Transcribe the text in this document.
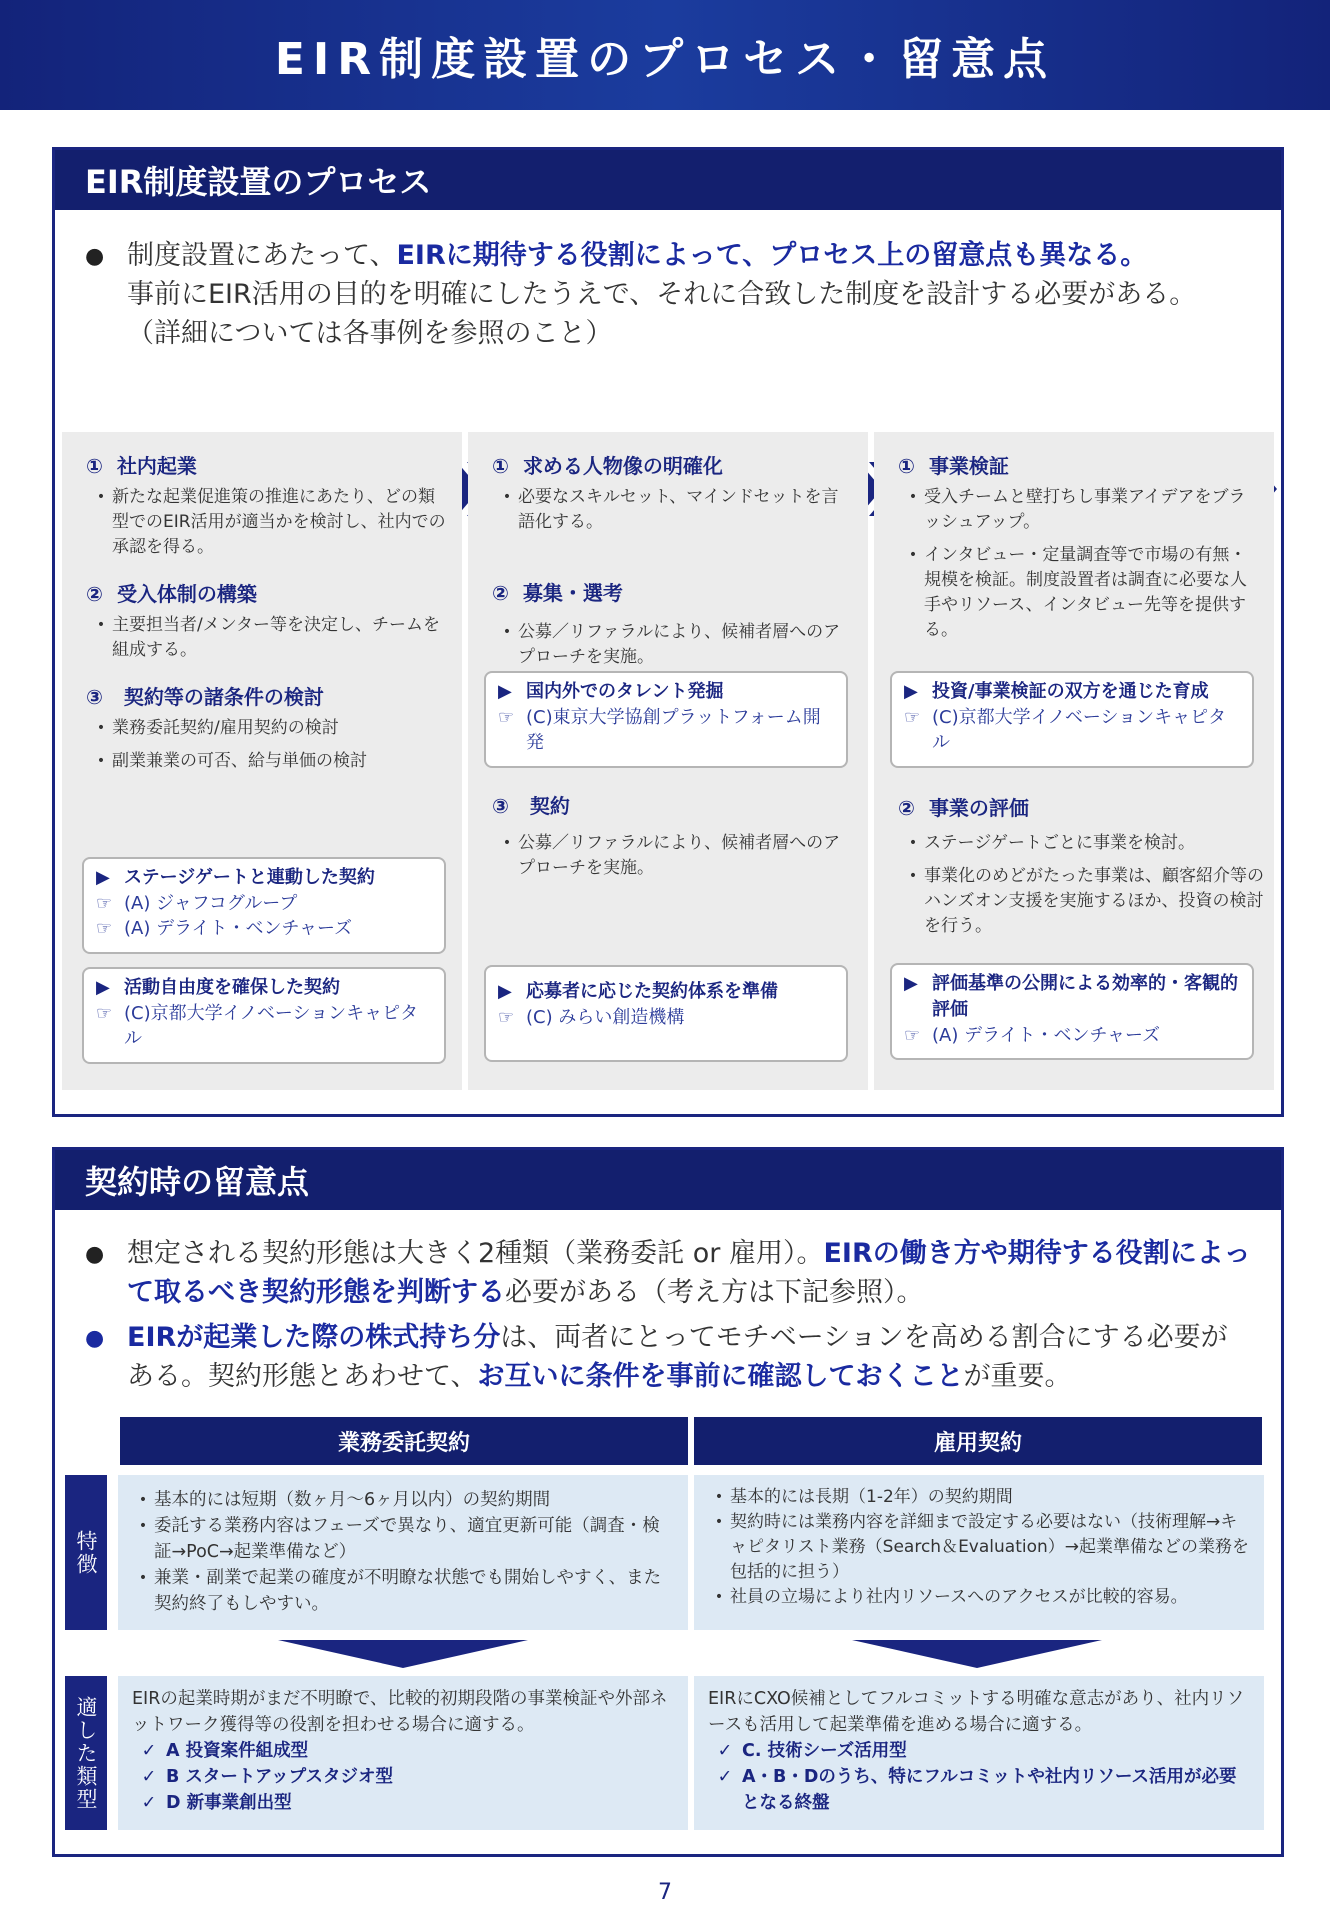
EIR制度設置のプロセス・留意点
EIR制度設置のプロセス
● 制度設置にあたって、EIRに期待する役割によって、プロセス上の留意点も異なる。
事前にEIR活用の目的を明確にしたうえで、それに合致した制度を設計する必要がある。
（詳細については各事例を参照のこと）
① 社内起業
• 新たな起業促進策の推進にあたり、どの類型でのEIR活用が適当かを検討し、社内での承認を得る。
② 受入体制の構築
• 主要担当者/メンター等を決定し、チームを組成する。
③ 契約等の諸条件の検討
• 業務委託契約/雇用契約の検討
• 副業兼業の可否、給与単価の検討
▶ ステージゲートと連動した契約
☞ (A) ジャフコグループ
☞ (A) デライト・ベンチャーズ
▶ 活動自由度を確保した契約
☞ (C)京都大学イノベーションキャピタル
① 求める人物像の明確化
• 必要なスキルセット、マインドセットを言語化する。
② 募集・選考
• 公募／リファラルにより、候補者層へのアプローチを実施。
▶ 国内外でのタレント発掘
☞ (C)東京大学協創プラットフォーム開発
③ 契約
• 公募／リファラルにより、候補者層へのアプローチを実施。
▶ 応募者に応じた契約体系を準備
☞ (C) みらい創造機構
① 事業検証
• 受入チームと壁打ちし事業アイデアをブラッシュアップ。
• インタビュー・定量調査等で市場の有無・規模を検証。制度設置者は調査に必要な人手やリソース、インタビュー先等を提供する。
▶ 投資/事業検証の双方を通じた育成
☞ (C)京都大学イノベーションキャピタル
② 事業の評価
• ステージゲートごとに事業を検討。
• 事業化のめどがたった事業は、顧客紹介等のハンズオン支援を実施するほか、投資の検討を行う。
▶ 評価基準の公開による効率的・客観的評価
☞ (A) デライト・ベンチャーズ
契約時の留意点
● 想定される契約形態は大きく2種類（業務委託 or 雇用）。EIRの働き方や期待する役割によって取るべき契約形態を判断する必要がある（考え方は下記参照）。
● EIRが起業した際の株式持ち分は、両者にとってモチベーションを高める割合にする必要がある。契約形態とあわせて、お互いに条件を事前に確認しておくことが重要。
業務委託契約	雇用契約
特徴
適した類型
• 基本的には短期（数ヶ月〜6ヶ月以内）の契約期間
• 委託する業務内容はフェーズで異なり、適宜更新可能（調査・検証→PoC→起業準備など）
• 兼業・副業で起業の確度が不明瞭な状態でも開始しやすく、また契約終了もしやすい。
• 基本的には長期（1-2年）の契約期間
• 契約時には業務内容を詳細まで設定する必要はない（技術理解→キャピタリスト業務（Search＆Evaluation）→起業準備などの業務を包括的に担う）
• 社員の立場により社内リソースへのアクセスが比較的容易。
EIRの起業時期がまだ不明瞭で、比較的初期段階の事業検証や外部ネットワーク獲得等の役割を担わせる場合に適する。
✓ A 投資案件組成型
✓ B スタートアップスタジオ型
✓ D 新事業創出型
EIRにCXO候補としてフルコミットする明確な意志があり、社内リソースも活用して起業準備を進める場合に適する。
✓ C. 技術シーズ活用型
✓ A・B・Dのうち、特にフルコミットや社内リソース活用が必要となる終盤
7
